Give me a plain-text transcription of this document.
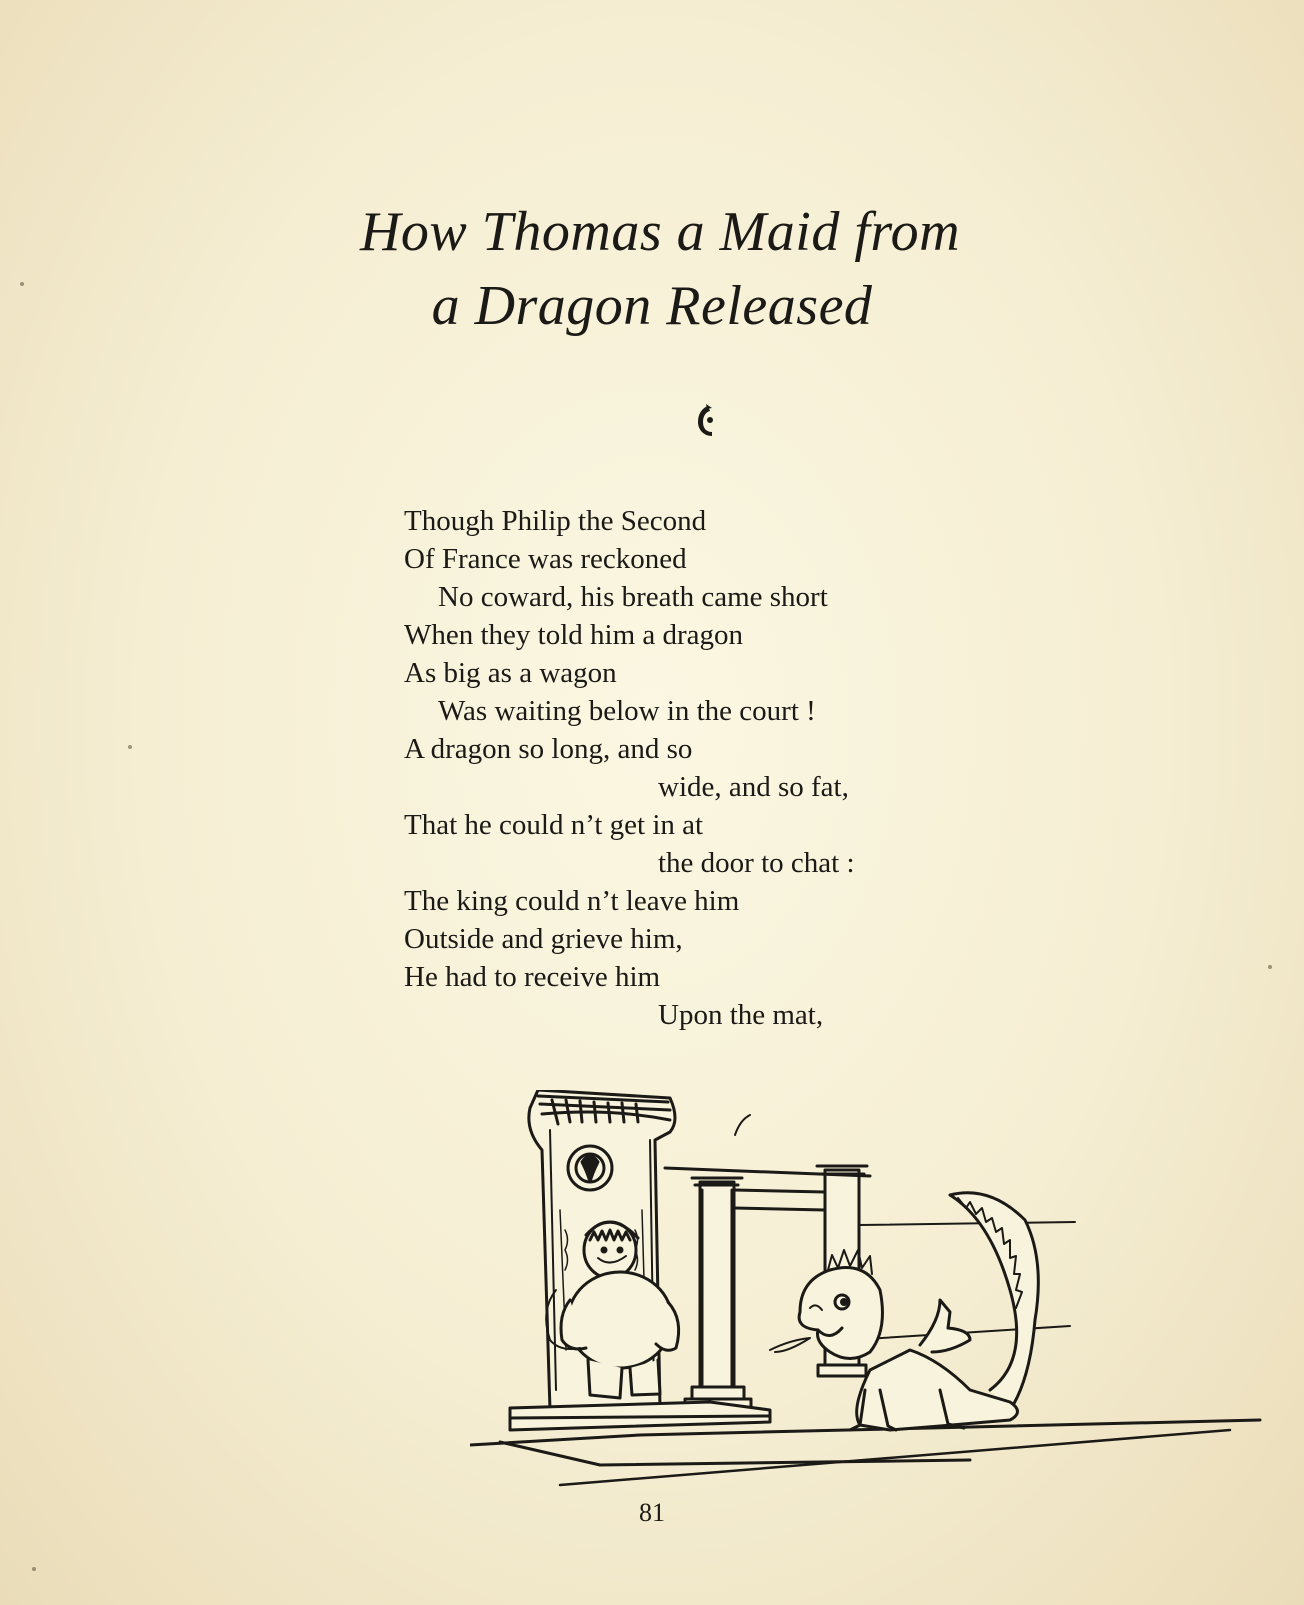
How Thomas a Maid from
a Dragon Released
Though Philip the Second
Of France was reckoned
No coward, his breath came short
When they told him a dragon
As big as a wagon
Was waiting below in the court !
A dragon so long, and so
wide, and so fat,
That he could n’t get in at
the door to chat :
The king could n’t leave him
Outside and grieve him,
He had to receive him
Upon the mat,
81
